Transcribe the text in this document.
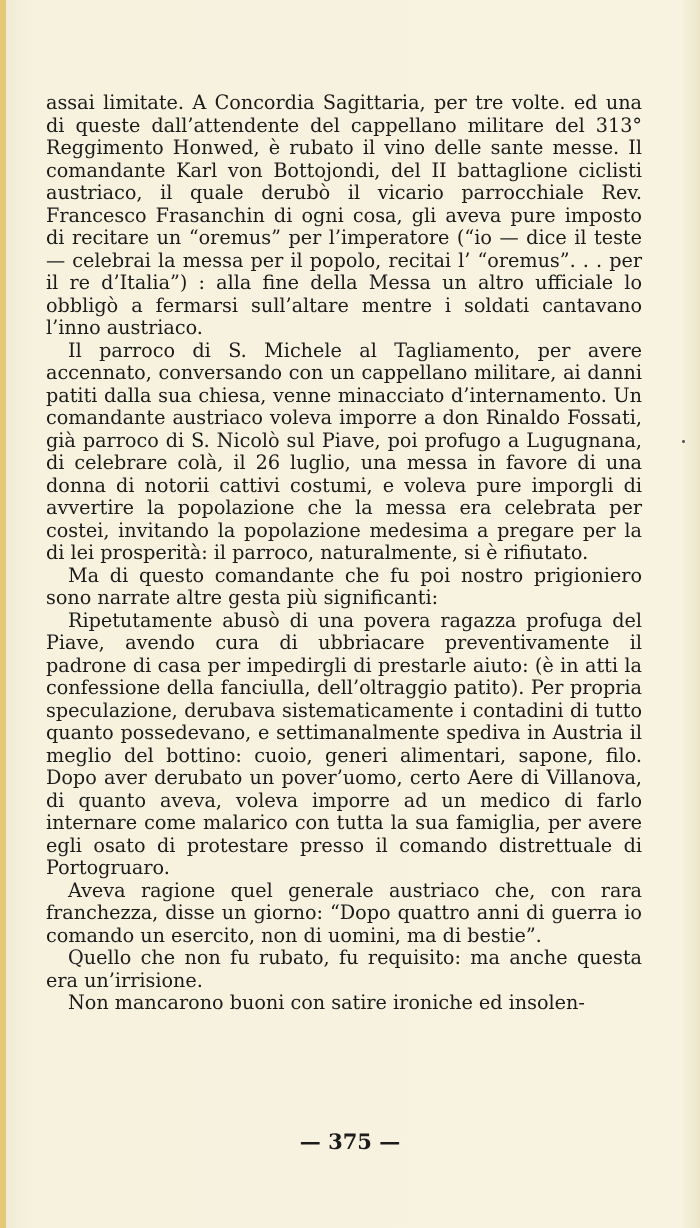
assai limitate. A Concordia Sagittaria, per tre volte. ed una di queste dall’attendente del cappellano militare del 313° Reggimento Honwed, è rubato il vino delle sante messe. Il comandante Karl von Bottojondi, del II battaglione ciclisti austriaco, il quale derubò il vicario parrocchiale Rev. Francesco Frasanchin di ogni cosa, gli aveva pure imposto di recitare un “oremus” per l’imperatore (“io — dice il teste — celebrai la messa per il popolo, recitai l’ “oremus”. . . per il re d’Italia”) : alla fine della Messa un altro ufficiale lo obbligò a fermarsi sull’altare mentre i soldati cantavano l’inno austriaco.

Il parroco di S. Michele al Tagliamento, per avere accennato, conversando con un cappellano militare, ai danni patiti dalla sua chiesa, venne minacciato d’internamento. Un comandante austriaco voleva imporre a don Rinaldo Fossati, già parroco di S. Nicolò sul Piave, poi profugo a Lugugnana, di celebrare colà, il 26 luglio, una messa in favore di una donna di notorii cattivi costumi, e voleva pure imporgli di avvertire la popolazione che la messa era celebrata per costei, invitando la popolazione medesima a pregare per la di lei prosperità: il parroco, naturalmente, si è rifiutato.

Ma di questo comandante che fu poi nostro prigioniero sono narrate altre gesta più significanti:

Ripetutamente abusò di una povera ragazza profuga del Piave, avendo cura di ubbriacare preventivamente il padrone di casa per impedirgli di prestarle aiuto: (è in atti la confessione della fanciulla, dell’oltraggio patito). Per propria speculazione, derubava sistematicamente i contadini di tutto quanto possedevano, e settimanalmente spediva in Austria il meglio del bottino: cuoio, generi alimentari, sapone, filo. Dopo aver derubato un pover’uomo, certo Aere di Villanova, di quanto aveva, voleva imporre ad un medico di farlo internare come malarico con tutta la sua famiglia, per avere egli osato di protestare presso il comando distrettuale di Portogruaro.

Aveva ragione quel generale austriaco che, con rara franchezza, disse un giorno: “Dopo quattro anni di guerra io comando un esercito, non di uomini, ma di bestie”.

Quello che non fu rubato, fu requisito: ma anche questa era un’irrisione.

Non mancarono buoni con satire ironiche ed insolen-

— 375 —
